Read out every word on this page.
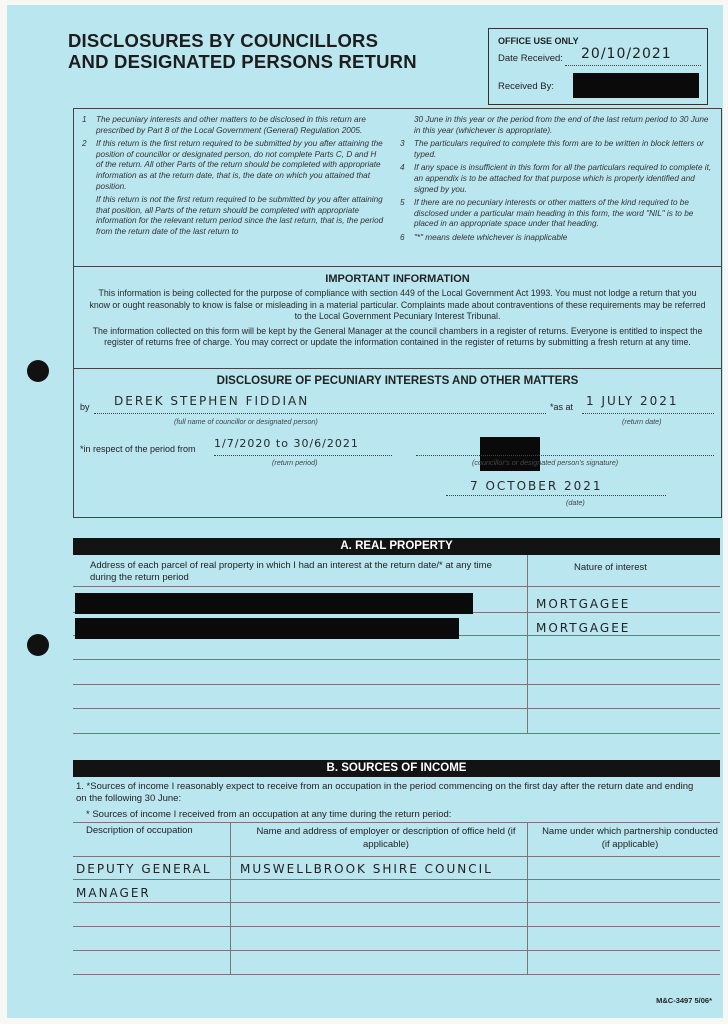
DISCLOSURES BY COUNCILLORS
AND DESIGNATED PERSONS RETURN
OFFICE USE ONLY
Date Received: 20/10/2021
Received By:
1 The pecuniary interests and other matters to be disclosed in this return are prescribed by Part 8 of the Local Government (General) Regulation 2005.
2 If this return is the first return required to be submitted by you after attaining the position of councillor or designated person, do not complete Parts C, D and H of the return. All other Parts of the return should be completed with appropriate information as at the return date, that is, the date on which you attained that position.
If this return is not the first return required to be submitted by you after attaining that position, all Parts of the return should be completed with appropriate information for the relevant return period since the last return, that is, the period from the return date of the last return to
30 June in this year or the period from the end of the last return period to 30 June in this year (whichever is appropriate).
3 The particulars required to complete this form are to be written in block letters or typed.
4 If any space is insufficient in this form for all the particulars required to complete it, an appendix is to be attached for that purpose which is properly identified and signed by you.
5 If there are no pecuniary interests or other matters of the kind required to be disclosed under a particular main heading in this form, the word "NIL" is to be placed in an appropriate space under that heading.
6 "*" means delete whichever is inapplicable
IMPORTANT INFORMATION
This information is being collected for the purpose of compliance with section 449 of the Local Government Act 1993. You must not lodge a return that you know or ought reasonably to know is false or misleading in a material particular. Complaints made about contraventions of these requirements may be referred to the Local Government Pecuniary Interest Tribunal.
The information collected on this form will be kept by the General Manager at the council chambers in a register of returns. Everyone is entitled to inspect the register of returns free of charge. You may correct or update the information contained in the register of returns by submitting a fresh return at any time.
DISCLOSURE OF PECUNIARY INTERESTS AND OTHER MATTERS
by DEREK STEPHEN FIDDIAN
(full name of councillor or designated person)
*as at 1 JULY 2021
(return date)
*in respect of the period from 1/7/2020 to 30/6/2021
(return period)	(councillor's or designated person's signature)
7 OCTOBER 2021
(date)
A. REAL PROPERTY
Address of each parcel of real property in which I had an interest at the return date/* at any time during the return period
Nature of interest
MORTGAGEE
MORTGAGEE
B. SOURCES OF INCOME
1. *Sources of income I reasonably expect to receive from an occupation in the period commencing on the first day after the return date and ending on the following 30 June:
* Sources of income I received from an occupation at any time during the return period:
Description of occupation	Name and address of employer or description of office held (if applicable)
Name under which partnership conducted (if applicable)
DEPUTY GENERAL
MANAGER
MUSWELLBROOK SHIRE COUNCIL
M&C-3497 5/06*
